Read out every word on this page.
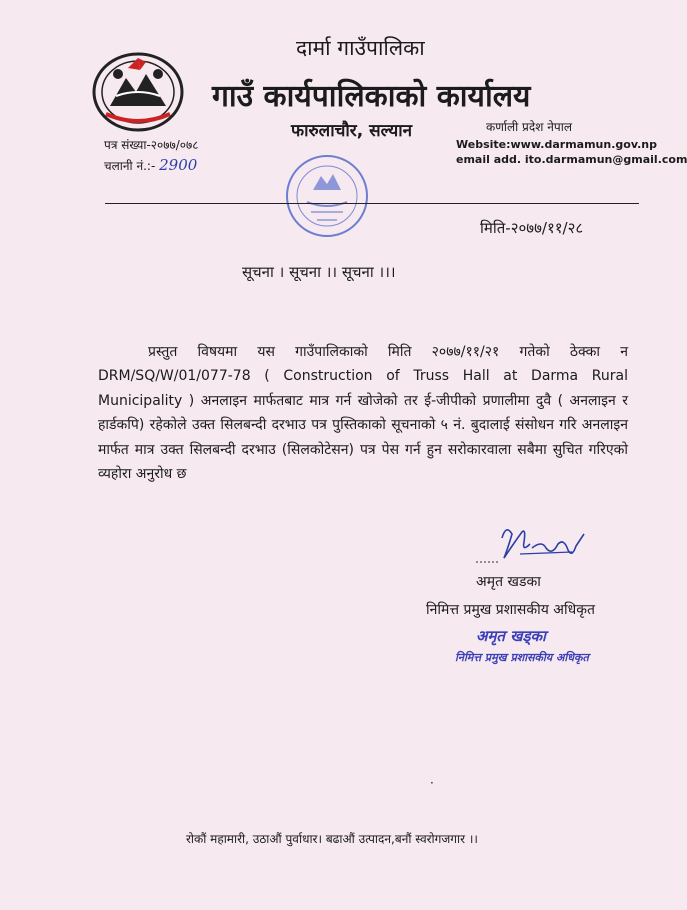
दार्मा गाउँपालिका
गाउँ कार्यपालिकाको कार्यालय
फारुलाचौर, सल्यान	कर्णाली प्रदेश नेपाल
Website:www.darmamun.gov.np
email add. ito.darmamun@gmail.com
पत्र संख्या-२०७७/०७८
चलानी नं.:- 2900
मिति-२०७७/११/२८
सूचना । सूचना ।। सूचना ।।।

प्रस्तुत विषयमा यस गाउँपालिकाको मिति २०७७/११/२१ गतेको ठेक्का न DRM/SQ/W/01/077-78 ( Construction of Truss Hall at Darma Rural Municipality ) अनलाइन मार्फतबाट मात्र गर्न खोजेको तर ई-जीपीको प्रणालीमा दुवै ( अनलाइन र हार्डकपि) रहेकोले उक्त सिलबन्दी दरभाउ पत्र पुस्तिकाको सूचनाको ५ नं. बुदालाई संसोधन गरि अनलाइन मार्फत मात्र उक्त सिलबन्दी दरभाउ (सिलकोटेसन) पत्र पेस गर्न हुन सरोकारवाला सबैमा सुचित गरिएको व्यहोरा अनुरोध छ

अमृत खडका
निमित्त प्रमुख प्रशासकीय अधिकृत
अमृत खड्का
निमित्त प्रमुख प्रशासकीय अधिकृत
·
रोकौं महामारी, उठाऔं पुर्वाधार। बढाऔं उत्पादन,बनौं स्वरोगजगार ।।
